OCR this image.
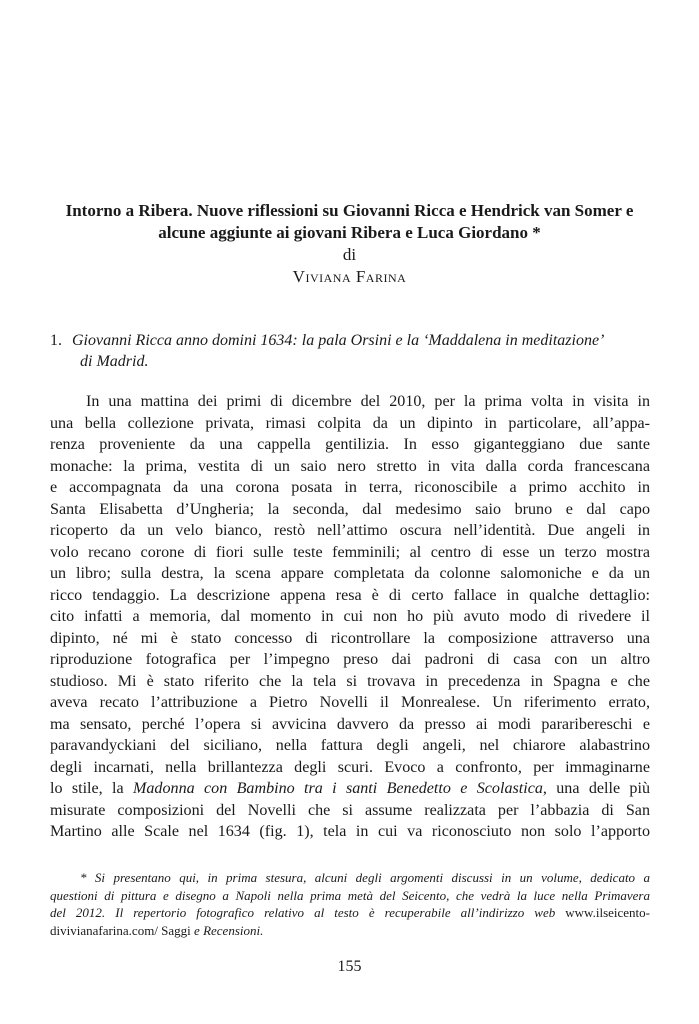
Intorno a Ribera. Nuove riflessioni su Giovanni Ricca e Hendrick van Somer e
alcune aggiunte ai giovani Ribera e Luca Giordano *
di
Viviana Farina
1. Giovanni Ricca anno domini 1634: la pala Orsini e la ‘Maddalena in meditazione’
di Madrid.
In una mattina dei primi di dicembre del 2010, per la prima volta in visita in
una bella collezione privata, rimasi colpita da un dipinto in particolare, all’appa-
renza proveniente da una cappella gentilizia. In esso giganteggiano due sante
monache: la prima, vestita di un saio nero stretto in vita dalla corda francescana
e accompagnata da una corona posata in terra, riconoscibile a primo acchito in
Santa Elisabetta d’Ungheria; la seconda, dal medesimo saio bruno e dal capo
ricoperto da un velo bianco, restò nell’attimo oscura nell’identità. Due angeli in
volo recano corone di fiori sulle teste femminili; al centro di esse un terzo mostra
un libro; sulla destra, la scena appare completata da colonne salomoniche e da un
ricco tendaggio. La descrizione appena resa è di certo fallace in qualche dettaglio:
cito infatti a memoria, dal momento in cui non ho più avuto modo di rivedere il
dipinto, né mi è stato concesso di ricontrollare la composizione attraverso una
riproduzione fotografica per l’impegno preso dai padroni di casa con un altro
studioso. Mi è stato riferito che la tela si trovava in precedenza in Spagna e che
aveva recato l’attribuzione a Pietro Novelli il Monrealese. Un riferimento errato,
ma sensato, perché l’opera si avvicina davvero da presso ai modi pararibereschi e
paravandyckiani del siciliano, nella fattura degli angeli, nel chiarore alabastrino
degli incarnati, nella brillantezza degli scuri. Evoco a confronto, per immaginarne
lo stile, la Madonna con Bambino tra i santi Benedetto e Scolastica, una delle più
misurate composizioni del Novelli che si assume realizzata per l’abbazia di San
Martino alle Scale nel 1634 (fig. 1), tela in cui va riconosciuto non solo l’apporto
* Si presentano qui, in prima stesura, alcuni degli argomenti discussi in un volume, dedicato a
questioni di pittura e disegno a Napoli nella prima metà del Seicento, che vedrà la luce nella Primavera
del 2012. Il repertorio fotografico relativo al testo è recuperabile all’indirizzo web www.ilseicento-
divivianafarina.com/ Saggi e Recensioni.
155
